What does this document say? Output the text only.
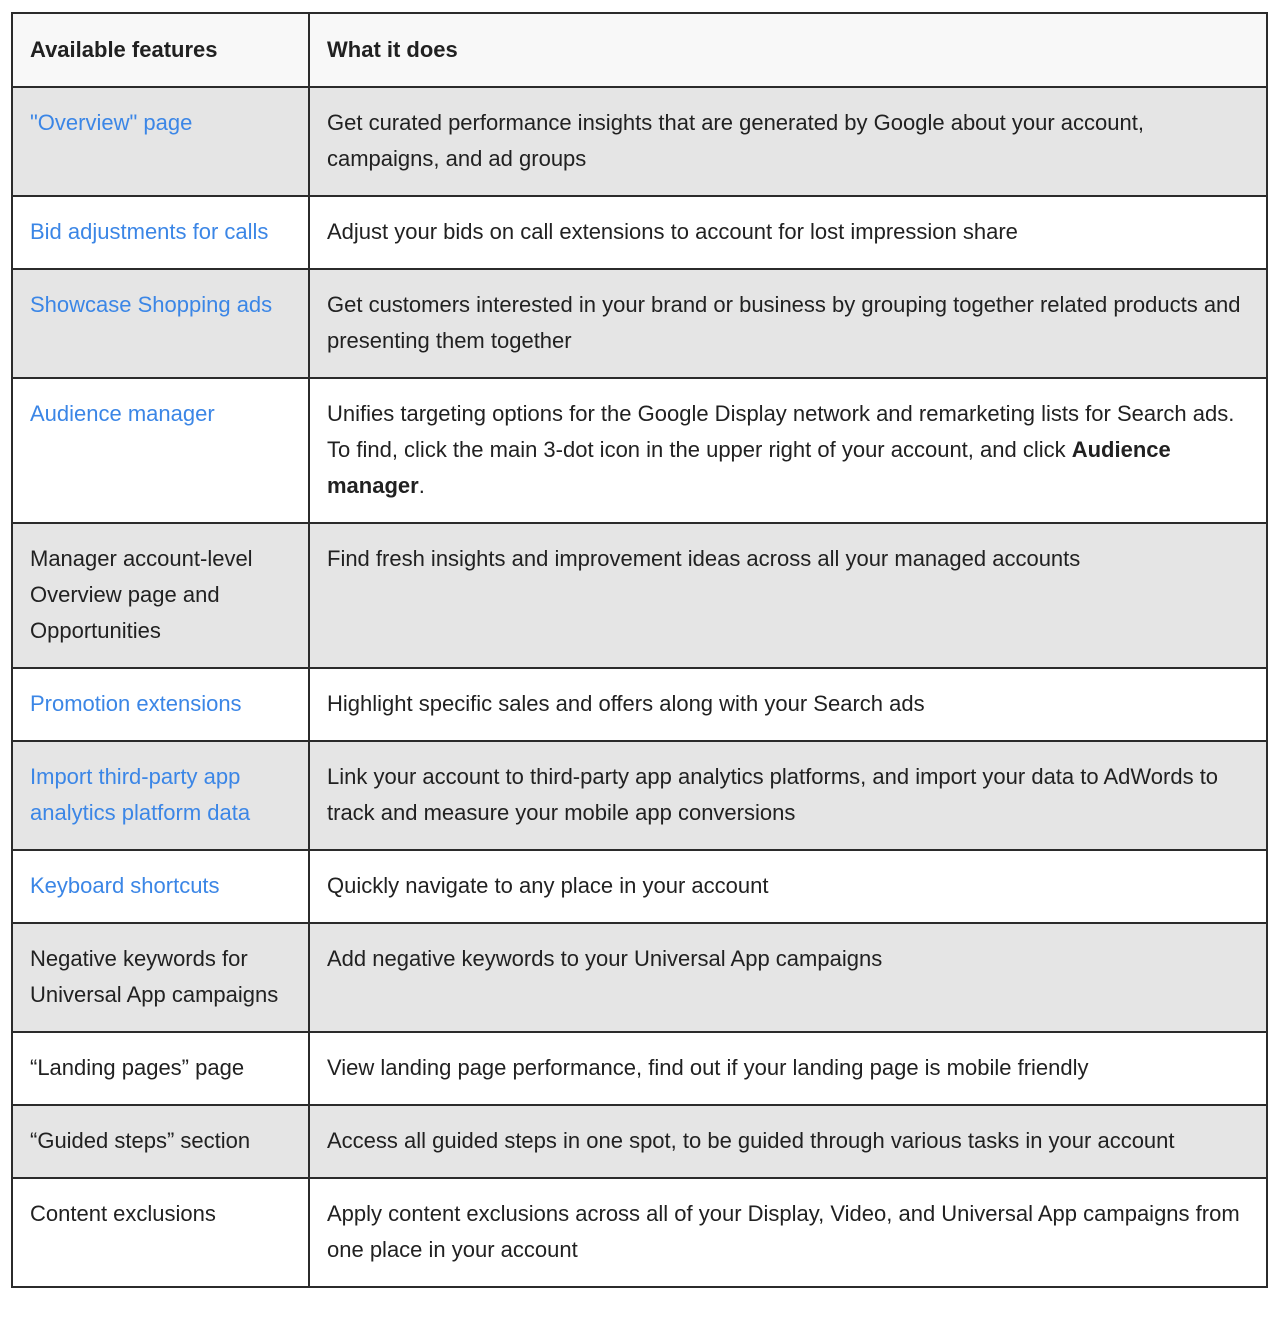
Available features	What it does
"Overview" page	Get curated performance insights that are generated by Google about your account, campaigns, and ad groups
Bid adjustments for calls	Adjust your bids on call extensions to account for lost impression share
Showcase Shopping ads	Get customers interested in your brand or business by grouping together related products and presenting them together
Audience manager	Unifies targeting options for the Google Display network and remarketing lists for Search ads. To find, click the main 3-dot icon in the upper right of your account, and click Audience manager.
Manager account-level Overview page and Opportunities	Find fresh insights and improvement ideas across all your managed accounts
Promotion extensions	Highlight specific sales and offers along with your Search ads
Import third-party app analytics platform data	Link your account to third-party app analytics platforms, and import your data to AdWords to track and measure your mobile app conversions
Keyboard shortcuts	Quickly navigate to any place in your account
Negative keywords for Universal App campaigns	Add negative keywords to your Universal App campaigns
“Landing pages” page	View landing page performance, find out if your landing page is mobile friendly
“Guided steps” section	Access all guided steps in one spot, to be guided through various tasks in your account
Content exclusions	Apply content exclusions across all of your Display, Video, and Universal App campaigns from one place in your account
